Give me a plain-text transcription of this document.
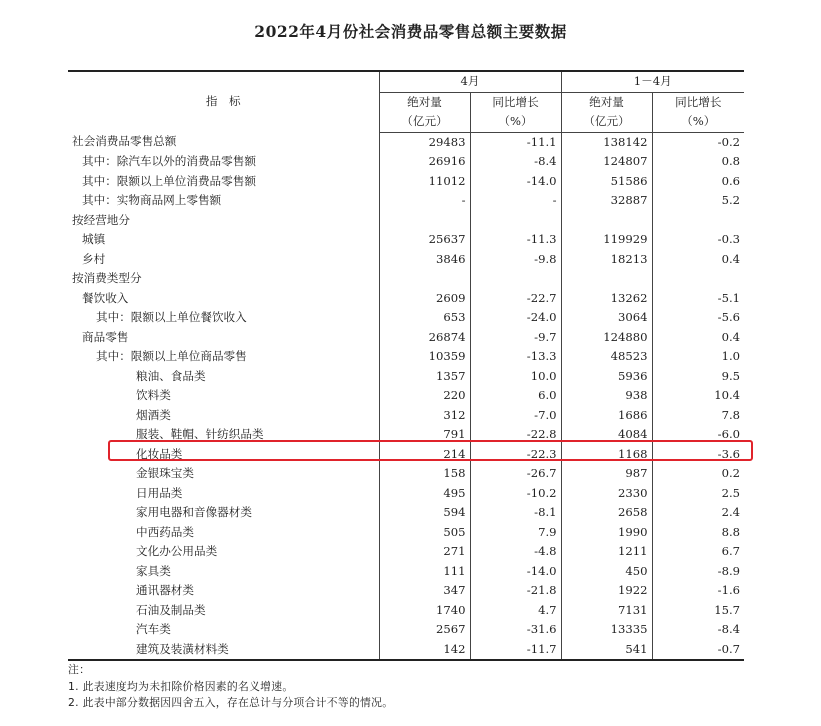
2022年4月份社会消费品零售总额主要数据
指　标	4月		1－4月	
	绝对量	同比增长	绝对量	同比增长
	（亿元）	（%）	（亿元）	（%）
社会消费品零售总额	29483	-11.1	138142	-0.2
其中：除汽车以外的消费品零售额	26916	-8.4	124807	0.8
其中：限额以上单位消费品零售额	11012	-14.0	51586	0.6
其中：实物商品网上零售额	-	-	32887	5.2
按经营地分				
城镇	25637	-11.3	119929	-0.3
乡村	3846	-9.8	18213	0.4
按消费类型分				
餐饮收入	2609	-22.7	13262	-5.1
其中：限额以上单位餐饮收入	653	-24.0	3064	-5.6
商品零售	26874	-9.7	124880	0.4
其中：限额以上单位商品零售	10359	-13.3	48523	1.0
粮油、食品类	1357	10.0	5936	9.5
饮料类	220	6.0	938	10.4
烟酒类	312	-7.0	1686	7.8
服装、鞋帽、针纺织品类	791	-22.8	4084	-6.0
化妆品类	214	-22.3	1168	-3.6
金银珠宝类	158	-26.7	987	0.2
日用品类	495	-10.2	2330	2.5
家用电器和音像器材类	594	-8.1	2658	2.4
中西药品类	505	7.9	1990	8.8
文化办公用品类	271	-4.8	1211	6.7
家具类	111	-14.0	450	-8.9
通讯器材类	347	-21.8	1922	-1.6
石油及制品类	1740	4.7	7131	15.7
汽车类	2567	-31.6	13335	-8.4
建筑及装潢材料类	142	-11.7	541	-0.7
注：
1. 此表速度均为未扣除价格因素的名义增速。
2. 此表中部分数据因四舍五入，存在总计与分项合计不等的情况。
